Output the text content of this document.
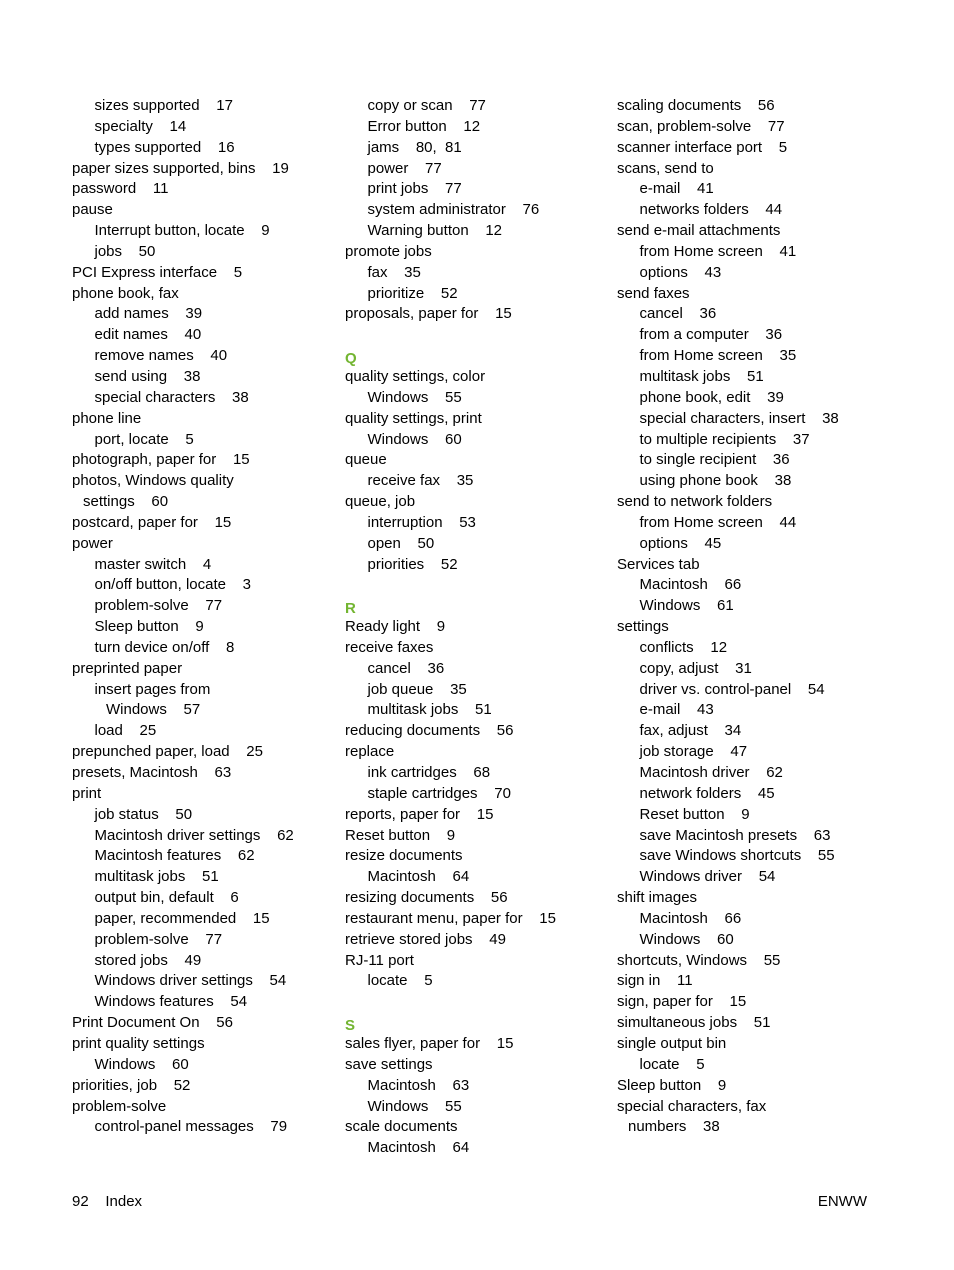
sizes supported    17
specialty    14
types supported    16
paper sizes supported, bins    19
password    11
pause
Interrupt button, locate    9
jobs    50
PCI Express interface    5
phone book, fax
add names    39
edit names    40
remove names    40
send using    38
special characters    38
phone line
port, locate    5
photograph, paper for    15
photos, Windows quality
settings    60
postcard, paper for    15
power
master switch    4
on/off button, locate    3
problem-solve    77
Sleep button    9
turn device on/off    8
preprinted paper
insert pages from
Windows    57
load    25
prepunched paper, load    25
presets, Macintosh    63
print
job status    50
Macintosh driver settings    62
Macintosh features    62
multitask jobs    51
output bin, default    6
paper, recommended    15
problem-solve    77
stored jobs    49
Windows driver settings    54
Windows features    54
Print Document On    56
print quality settings
Windows    60
priorities, job    52
problem-solve
control-panel messages    79
copy or scan    77
Error button    12
jams    80,  81
power    77
print jobs    77
system administrator    76
Warning button    12
promote jobs
fax    35
prioritize    52
proposals, paper for    15
Q
quality settings, color
Windows    55
quality settings, print
Windows    60
queue
receive fax    35
queue, job
interruption    53
open    50
priorities    52
R
Ready light    9
receive faxes
cancel    36
job queue    35
multitask jobs    51
reducing documents    56
replace
ink cartridges    68
staple cartridges    70
reports, paper for    15
Reset button    9
resize documents
Macintosh    64
resizing documents    56
restaurant menu, paper for    15
retrieve stored jobs    49
RJ-11 port
locate    5
S
sales flyer, paper for    15
save settings
Macintosh    63
Windows    55
scale documents
Macintosh    64
scaling documents    56
scan, problem-solve    77
scanner interface port    5
scans, send to
e-mail    41
networks folders    44
send e-mail attachments
from Home screen    41
options    43
send faxes
cancel    36
from a computer    36
from Home screen    35
multitask jobs    51
phone book, edit    39
special characters, insert    38
to multiple recipients    37
to single recipient    36
using phone book    38
send to network folders
from Home screen    44
options    45
Services tab
Macintosh    66
Windows    61
settings
conflicts    12
copy, adjust    31
driver vs. control-panel    54
e-mail    43
fax, adjust    34
job storage    47
Macintosh driver    62
network folders    45
Reset button    9
save Macintosh presets    63
save Windows shortcuts    55
Windows driver    54
shift images
Macintosh    66
Windows    60
shortcuts, Windows    55
sign in    11
sign, paper for    15
simultaneous jobs    51
single output bin
locate    5
Sleep button    9
special characters, fax
numbers    38
92    Index	ENWW
